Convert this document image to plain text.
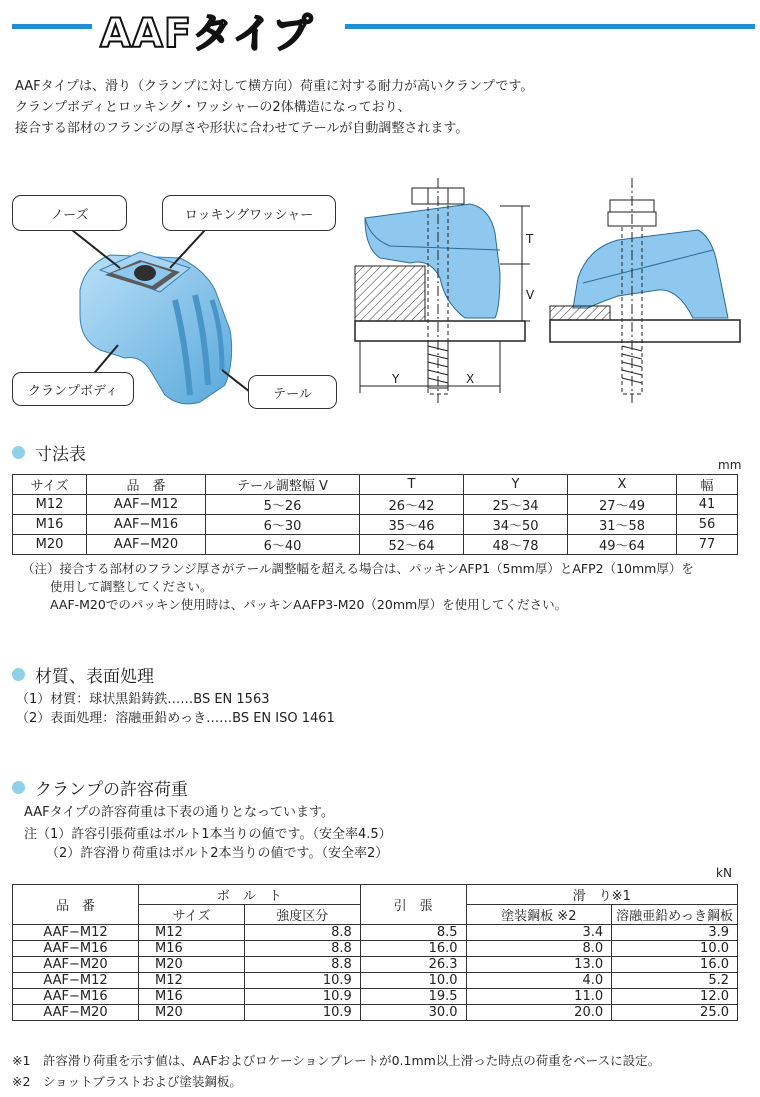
AAFタイプ
AAFタイプは、滑り（クランプに対して横方向）荷重に対する耐力が高いクランプです。
クランプボディとロッキング・ワッシャーの2体構造になっており、
接合する部材のフランジの厚さや形状に合わせてテールが自動調整されます。
ノーズ	ロッキングワッシャー
クランプボディ	テール
T
V
Y	X
寸法表	mm
サイズ	品　番	テール調整幅 V	T	Y	X	幅
M12	AAF−M12	5〜26	26〜42	25〜34	27〜49	41
M16	AAF−M16	6〜30	35〜46	34〜50	31〜58	56
M20	AAF−M20	6〜40	52〜64	48〜78	49〜64	77
（注）接合する部材のフランジ厚さがテール調整幅を超える場合は、パッキンAFP1（5mm厚）とAFP2（10mm厚）を
使用して調整してください。
AAF-M20でのパッキン使用時は、パッキンAAFP3-M20（20mm厚）を使用してください。
材質、表面処理
（1）材質：球状黒鉛鋳鉄……BS EN 1563
（2）表面処理：溶融亜鉛めっき……BS EN ISO 1461
クランプの許容荷重
AAFタイプの許容荷重は下表の通りとなっています。
注（1）許容引張荷重はボルト1本当りの値です。（安全率4.5）
（2）許容滑り荷重はボルト2本当りの値です。（安全率2）
kN
品　番	ボ　ル　ト		引　張	滑　り※1	
	サイズ	強度区分		塗装鋼板 ※2	溶融亜鉛めっき鋼板
AAF−M12	M12	8.8	8.5	3.4	3.9
AAF−M16	M16	8.8	16.0	8.0	10.0
AAF−M20	M20	8.8	26.3	13.0	16.0
AAF−M12	M12	10.9	10.0	4.0	5.2
AAF−M16	M16	10.9	19.5	11.0	12.0
AAF−M20	M20	10.9	30.0	20.0	25.0
※1　許容滑り荷重を示す値は、AAFおよびロケーションプレートが0.1mm以上滑った時点の荷重をベースに設定。
※2　ショットブラストおよび塗装鋼板。
